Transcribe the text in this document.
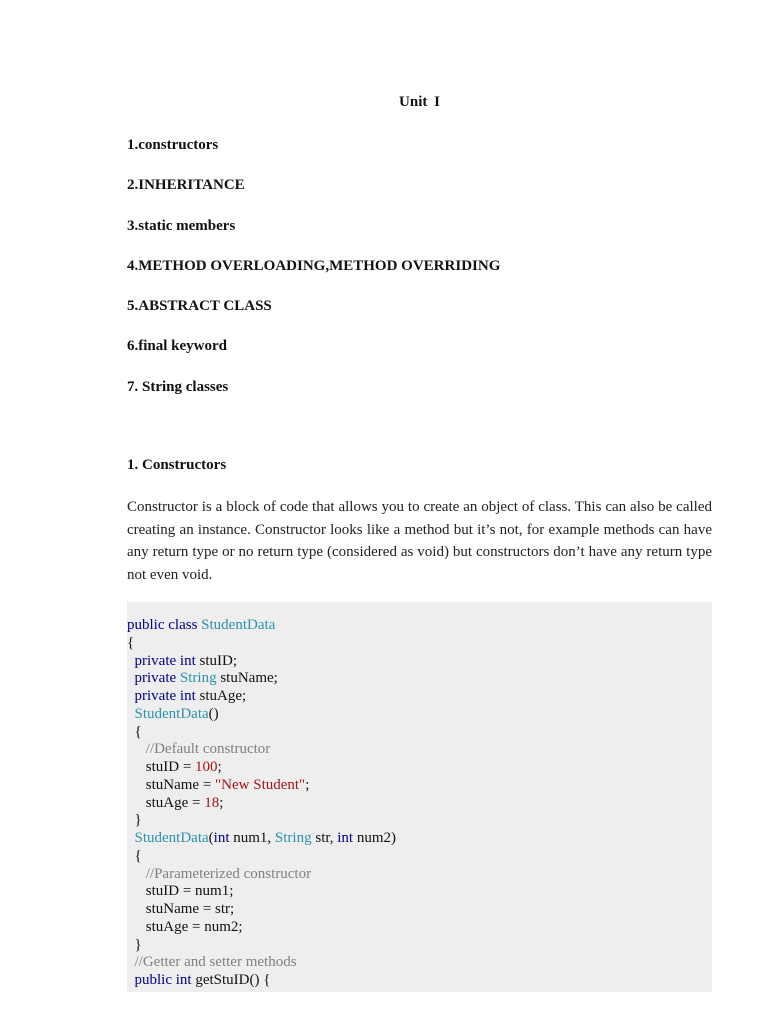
Unit I
1.constructors
2.INHERITANCE
3.static members
4.METHOD OVERLOADING,METHOD OVERRIDING
5.ABSTRACT CLASS
6.final keyword
7. String classes
1. Constructors

Constructor is a block of code that allows you to create an object of class. This can also be called creating an instance. Constructor looks like a method but it’s not, for example methods can have any return type or no return type (considered as void) but constructors don’t have any return type not even void.

public class StudentData
{
private int stuID;
private String stuName;
private int stuAge;
StudentData()
{
//Default constructor
stuID = 100;
stuName = "New Student";
stuAge = 18;
}
StudentData(int num1, String str, int num2)
{
//Parameterized constructor
stuID = num1;
stuName = str;
stuAge = num2;
}
//Getter and setter methods
public int getStuID() {
